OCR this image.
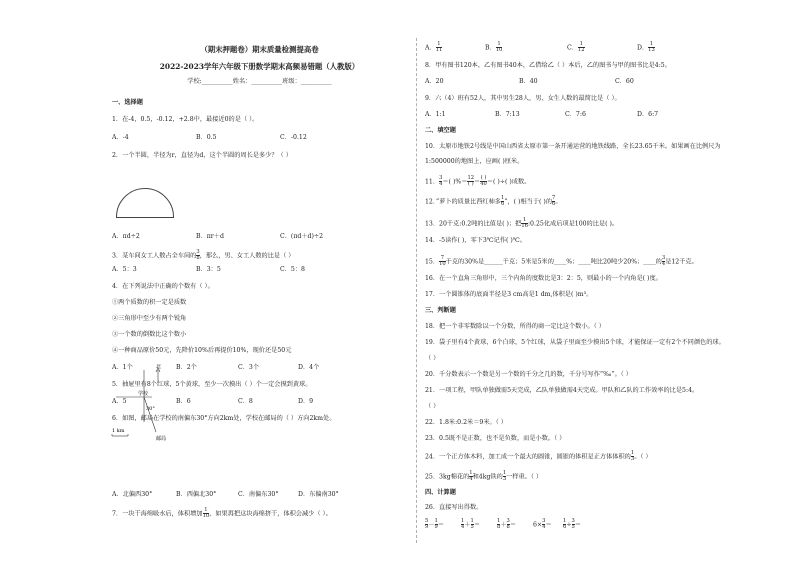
（期末押题卷）期末质量检测提高卷
2022-2023学年六年级下册数学期末高频易错题（人教版）
学校:__________姓名：__________班级：__________
一、选择题
1．在-4，0.5，-0.12，+2.8中，最接近0的是（ ）。
A．-4	B．0.5	C．-0.12
2．一个半圆，半径为r，直径为d，这个半圆的周长是多少？（ ）
A．πd÷2	B．πr＋d	C．(πd＋d)÷2
3．某车间女工人数占全车间的 $\frac{3}{8}$ ，那么，男、女工人数的比是（ ）
A．5：3	B．3：5	C．5：8
4．在下列说法中正确的个数有（ ）。
①两个质数的积一定是质数
②三角形中至少有两个锐角
③一个数的倒数比这个数小
④一种商品原价50元，先降价10%后再提价10%，现价还是50元
A．1个	B．2个	C．3个	D．4个
5．抽屉里有8个红球，5个黄球，至少一次摸出（ ）个一定会摸到黄球。
A．5	B．6	C．8	D．9
6．如图，邮局在学校的南偏东30°方向2km处，学校在邮局的（ ）方向2km处。
北
学校
30°
邮局
1 km
A．北偏西30°	B．西偏北30°	C．南偏东30°	D．东偏南30°
7．一块干海绵吸水后，体积增加 $\frac{1}{10}$ ，如果再把这块海绵挤干，体积会减少（ ）。
A． $\frac{1}{11}$	B． $\frac{1}{10}$	C． $\frac{1}{12}$	D． $\frac{1}{13}$
8．甲有图书120本，乙有图书40本，乙借给乙（ ）本后，乙的图书与甲的图书比是4:5。
A．20	B．40	C．60
9．六（4）班有52人，其中男生28人，男、女生人数的最简比是（ ）。
A．1:1	B．7:13	C．7:6	D．6:7
二、填空题
10．太原市地铁2号线是中国山西省太原市第一条开通运营的地铁线路，全长23.65千米。如果画在比例尺为
1:500000的地图上，应画( )厘米。
11． $\frac{3}{4}$ ＝( )%＝ $\frac{12}{( )} = \frac{( )}{40}$ ＝( )÷( )成数。
12．”萝卜的质量比西红柿多 $\frac{1}{6}$ ”，( )相当于( )的 $\frac{7}{6}$ 。
13．20千克:0.2吨的比值是( )；把 $\frac{1}{16}$ :0.25化成后项是100的比是( )。
14．-5读作( )，零下3℃记作( )℃。
15． $\frac{7}{10}$ 千克的30%是______千克；5米是5米的____%；____吨比20吨少20%；____的 $\frac{3}{4}$ 是12千克。
16．在一个直角三角形中，三个内角的度数比是3：2：5，则最小的一个内角是( )度。
17．一个圆锥体的底面半径是3 cm高是1 dm,体积是( )m³。
三、判断题
18．把一个非零数除以一个分数，所得的商一定比这个数小。（ ）
19．袋子里有4个黄球，6个白球，5个红球，从袋子里面至少摸出5个球，才能保证一定有2个不同颜色的球。
（ ）
20．千分数表示一个数是另一个数的千分之几的数，千分号写作”‰”。（ ）
21．一项工程，甲队单独做需5天完成，乙队单独做需4天完成。甲队和乙队的工作效率的比是5:4。
（ ）
22．1.8米:0.2米＝9米。（ ）
23．0.5既不是正数，也不是负数，而是小数。（ ）
24．一个正方体木料，加工成一个最大的圆锥，圆锥的体积是正方体体积的 $\frac{1}{3}$ 。（ ）
25．3kg棉花的 $\frac{1}{4}$ 和4kg铁的 $\frac{1}{3}$ 一样重。（ ）
四、计算题
26．直接写出得数。
$\frac{5}{9} - \frac{1}{9}$ ＝	$\frac{1}{4} + \frac{1}{5}$ ＝	$\frac{1}{8} + \frac{3}{8}$ ＝	$6\times \frac{3}{4} = \frac{1}{6} \div \frac{3}{5}$ ＝
